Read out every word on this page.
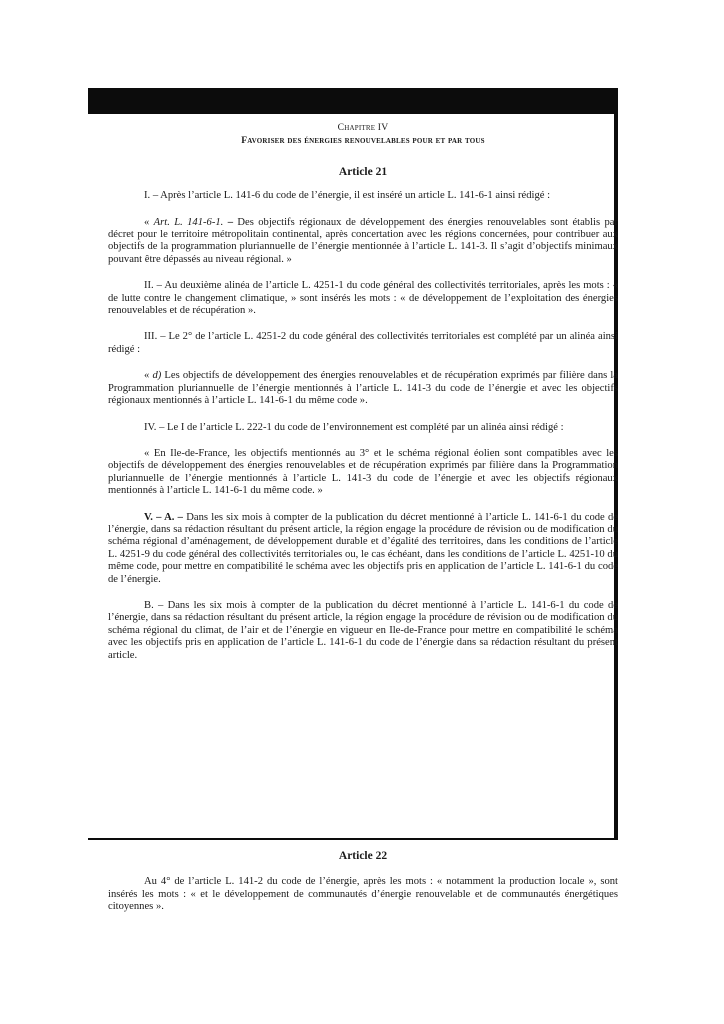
Chapitre IV

Favoriser des énergies renouvelables pour et par tous

Article 21

I. – Après l’article L. 141-6 du code de l’énergie, il est inséré un article L. 141-6-1 ainsi rédigé :

« Art. L. 141-6-1. – Des objectifs régionaux de développement des énergies renouvelables sont établis par décret pour le territoire métropolitain continental, après concertation avec les régions concernées, pour contribuer aux objectifs de la programmation pluriannuelle de l’énergie mentionnée à l’article L. 141-3. Il s’agit d’objectifs minimaux pouvant être dépassés au niveau régional. »

II. – Au deuxième alinéa de l’article L. 4251-1 du code général des collectivités territoriales, après les mots : « de lutte contre le changement climatique, » sont insérés les mots : « de développement de l’exploitation des énergies renouvelables et de récupération ».

III. – Le 2° de l’article L. 4251-2 du code général des collectivités territoriales est complété par un alinéa ainsi rédigé :

« d) Les objectifs de développement des énergies renouvelables et de récupération exprimés par filière dans la Programmation pluriannuelle de l’énergie mentionnés à l’article L. 141-3 du code de l’énergie et avec les objectifs régionaux mentionnés à l’article L. 141-6-1 du même code ».

IV. – Le I de l’article L. 222-1 du code de l’environnement est complété par un alinéa ainsi rédigé :

« En Ile-de-France, les objectifs mentionnés au 3° et le schéma régional éolien sont compatibles avec les objectifs de développement des énergies renouvelables et de récupération exprimés par filière dans la Programmation pluriannuelle de l’énergie mentionnés à l’article L. 141-3 du code de l’énergie et avec les objectifs régionaux mentionnés à l’article L. 141-6-1 du même code. »

V. – A. – Dans les six mois à compter de la publication du décret mentionné à l’article L. 141-6-1 du code de l’énergie, dans sa rédaction résultant du présent article, la région engage la procédure de révision ou de modification du schéma régional d’aménagement, de développement durable et d’égalité des territoires, dans les conditions de l’article L. 4251-9 du code général des collectivités territoriales ou, le cas échéant, dans les conditions de l’article L. 4251-10 du même code, pour mettre en compatibilité le schéma avec les objectifs pris en application de l’article L. 141-6-1 du code de l’énergie.

B. – Dans les six mois à compter de la publication du décret mentionné à l’article L. 141-6-1 du code de l’énergie, dans sa rédaction résultant du présent article, la région engage la procédure de révision ou de modification du schéma régional du climat, de l’air et de l’énergie en vigueur en Ile-de-France pour mettre en compatibilité le schéma avec les objectifs pris en application de l’article L. 141-6-1 du code de l’énergie dans sa rédaction résultant du présent article.

Article 22

Au 4° de l’article L. 141-2 du code de l’énergie, après les mots : « notamment la production locale », sont insérés les mots : « et le développement de communautés d’énergie renouvelable et de communautés énergétiques citoyennes ».
